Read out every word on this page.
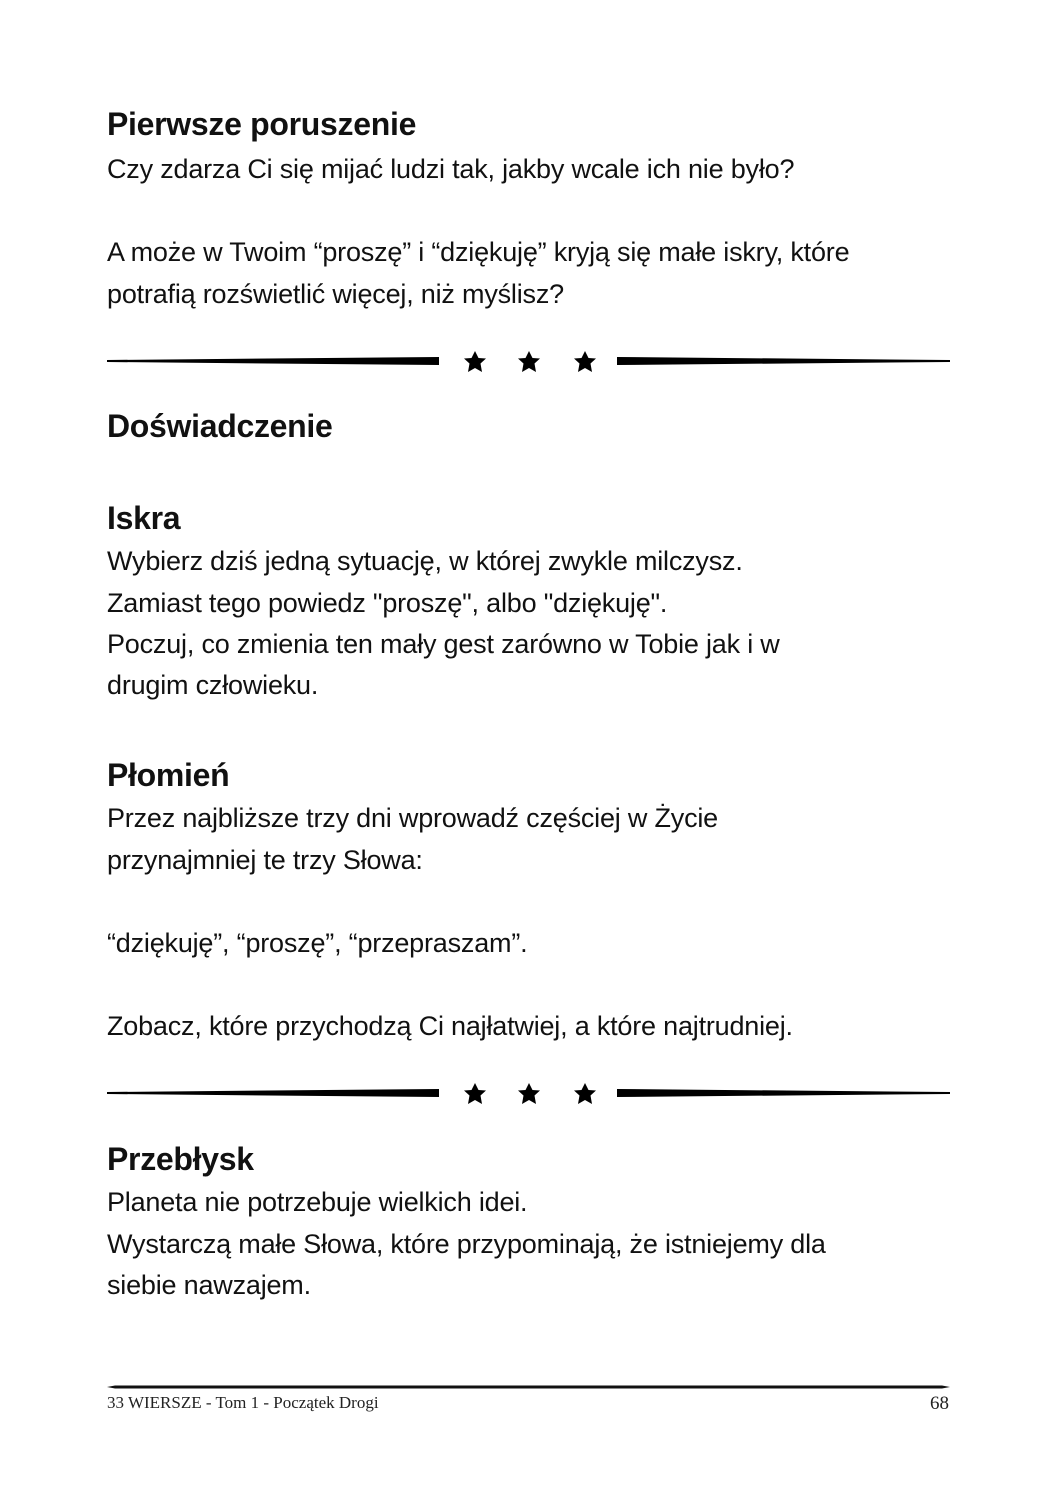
Pierwsze poruszenie
Czy zdarza Ci się mijać ludzi tak, jakby wcale ich nie było?
A może w Twoim “proszę” i “dziękuję” kryją się małe iskry, które
potrafią rozświetlić więcej, niż myślisz?
Doświadczenie
Iskra
Wybierz dziś jedną sytuację, w której zwykle milczysz.
Zamiast tego powiedz "proszę", albo "dziękuję".
Poczuj, co zmienia ten mały gest zarówno w Tobie jak i w
drugim człowieku.
Płomień
Przez najbliższe trzy dni wprowadź częściej w Życie
przynajmniej te trzy Słowa:
“dziękuję”, “proszę”, “przepraszam”.
Zobacz, które przychodzą Ci najłatwiej, a które najtrudniej.
Przebłysk
Planeta nie potrzebuje wielkich idei.
Wystarczą małe Słowa, które przypominają, że istniejemy dla
siebie nawzajem.
33 WIERSZE - Tom 1 - Początek Drogi	68
